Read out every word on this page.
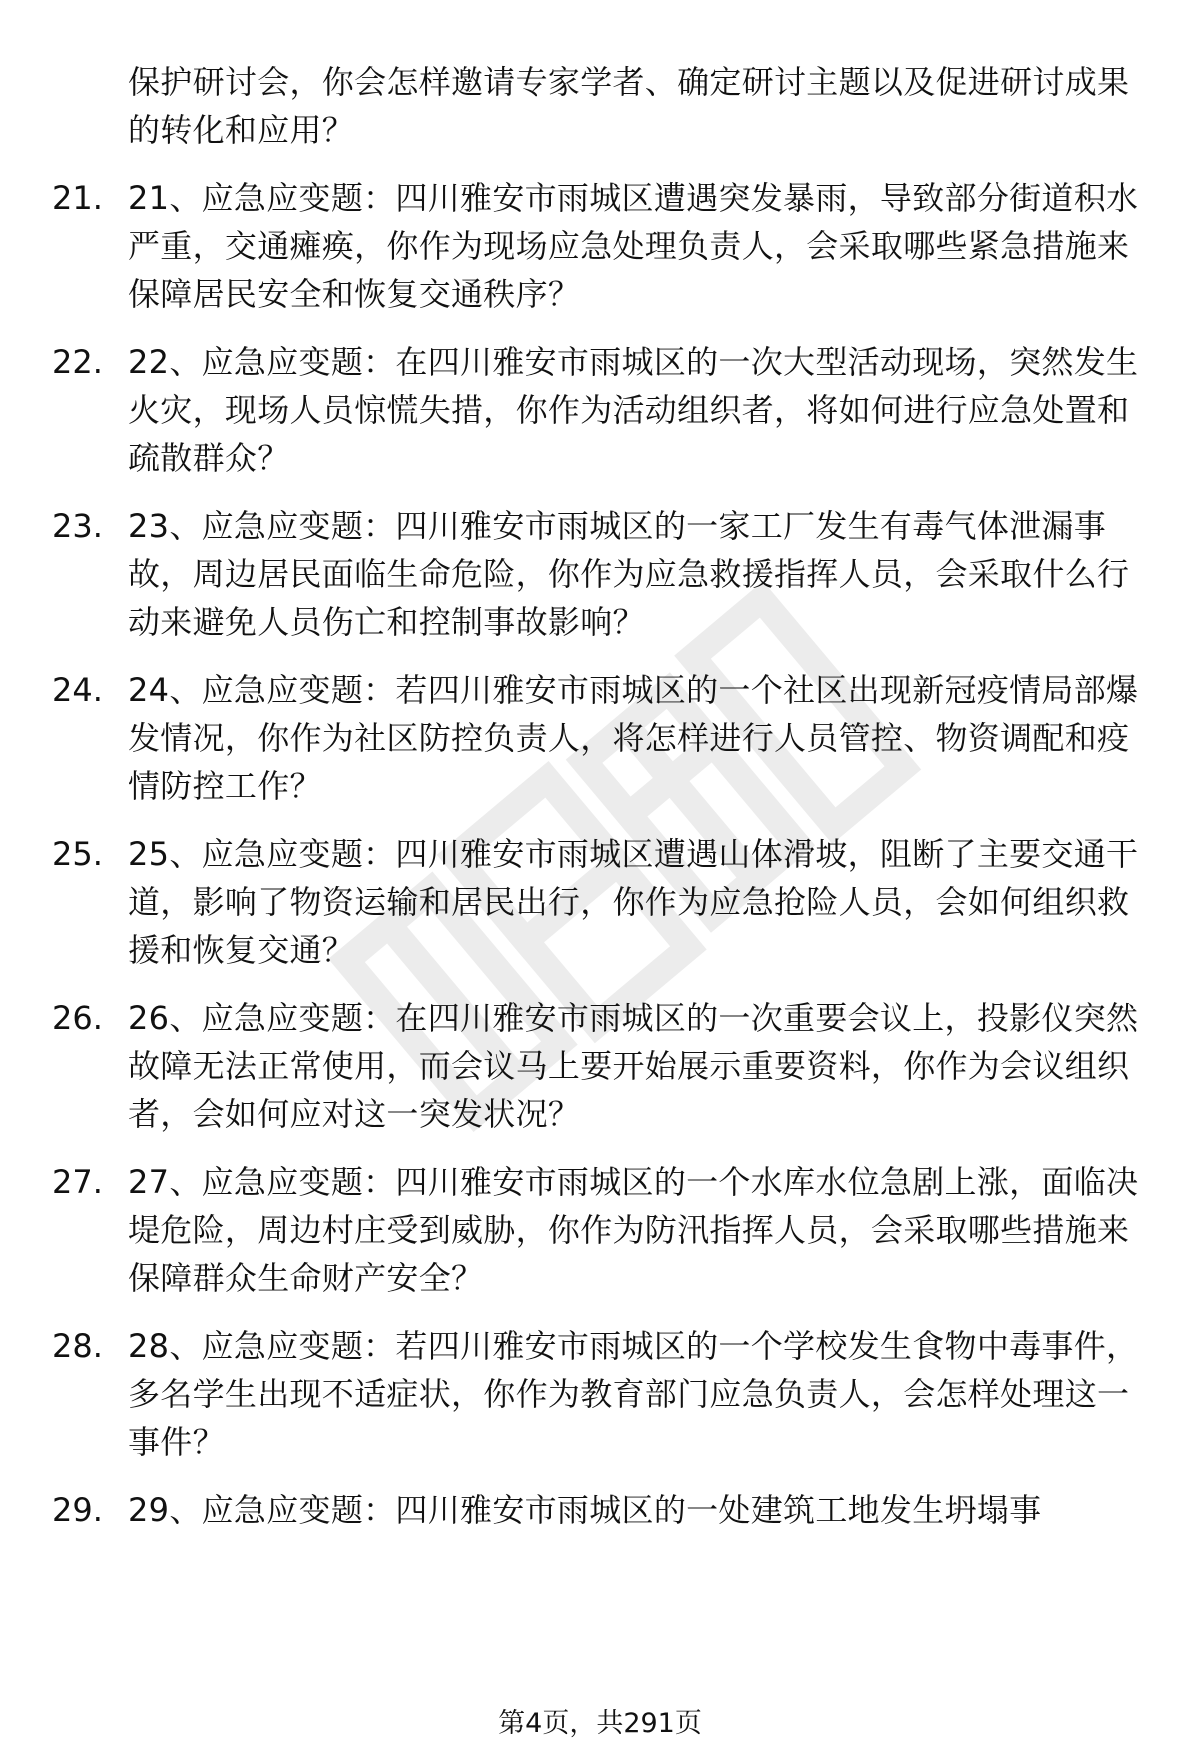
保护研讨会，你会怎样邀请专家学者、确定研讨主题以及促进研讨成果的转化和应用？
21. 21、应急应变题：四川雅安市雨城区遭遇突发暴雨，导致部分街道积水严重，交通瘫痪，你作为现场应急处理负责人，会采取哪些紧急措施来保障居民安全和恢复交通秩序？
22. 22、应急应变题：在四川雅安市雨城区的一次大型活动现场，突然发生火灾，现场人员惊慌失措，你作为活动组织者，将如何进行应急处置和疏散群众？
23. 23、应急应变题：四川雅安市雨城区的一家工厂发生有毒气体泄漏事故，周边居民面临生命危险，你作为应急救援指挥人员，会采取什么行动来避免人员伤亡和控制事故影响？
24. 24、应急应变题：若四川雅安市雨城区的一个社区出现新冠疫情局部爆发情况，你作为社区防控负责人，将怎样进行人员管控、物资调配和疫情防控工作？
25. 25、应急应变题：四川雅安市雨城区遭遇山体滑坡，阻断了主要交通干道，影响了物资运输和居民出行，你作为应急抢险人员，会如何组织救援和恢复交通？
26. 26、应急应变题：在四川雅安市雨城区的一次重要会议上，投影仪突然故障无法正常使用，而会议马上要开始展示重要资料，你作为会议组织者，会如何应对这一突发状况？
27. 27、应急应变题：四川雅安市雨城区的一个水库水位急剧上涨，面临决堤危险，周边村庄受到威胁，你作为防汛指挥人员，会采取哪些措施来保障群众生命财产安全？
28. 28、应急应变题：若四川雅安市雨城区的一个学校发生食物中毒事件，多名学生出现不适症状，你作为教育部门应急负责人，会怎样处理这一事件？
29. 29、应急应变题：四川雅安市雨城区的一处建筑工地发生坍塌事
第4页，共291页
